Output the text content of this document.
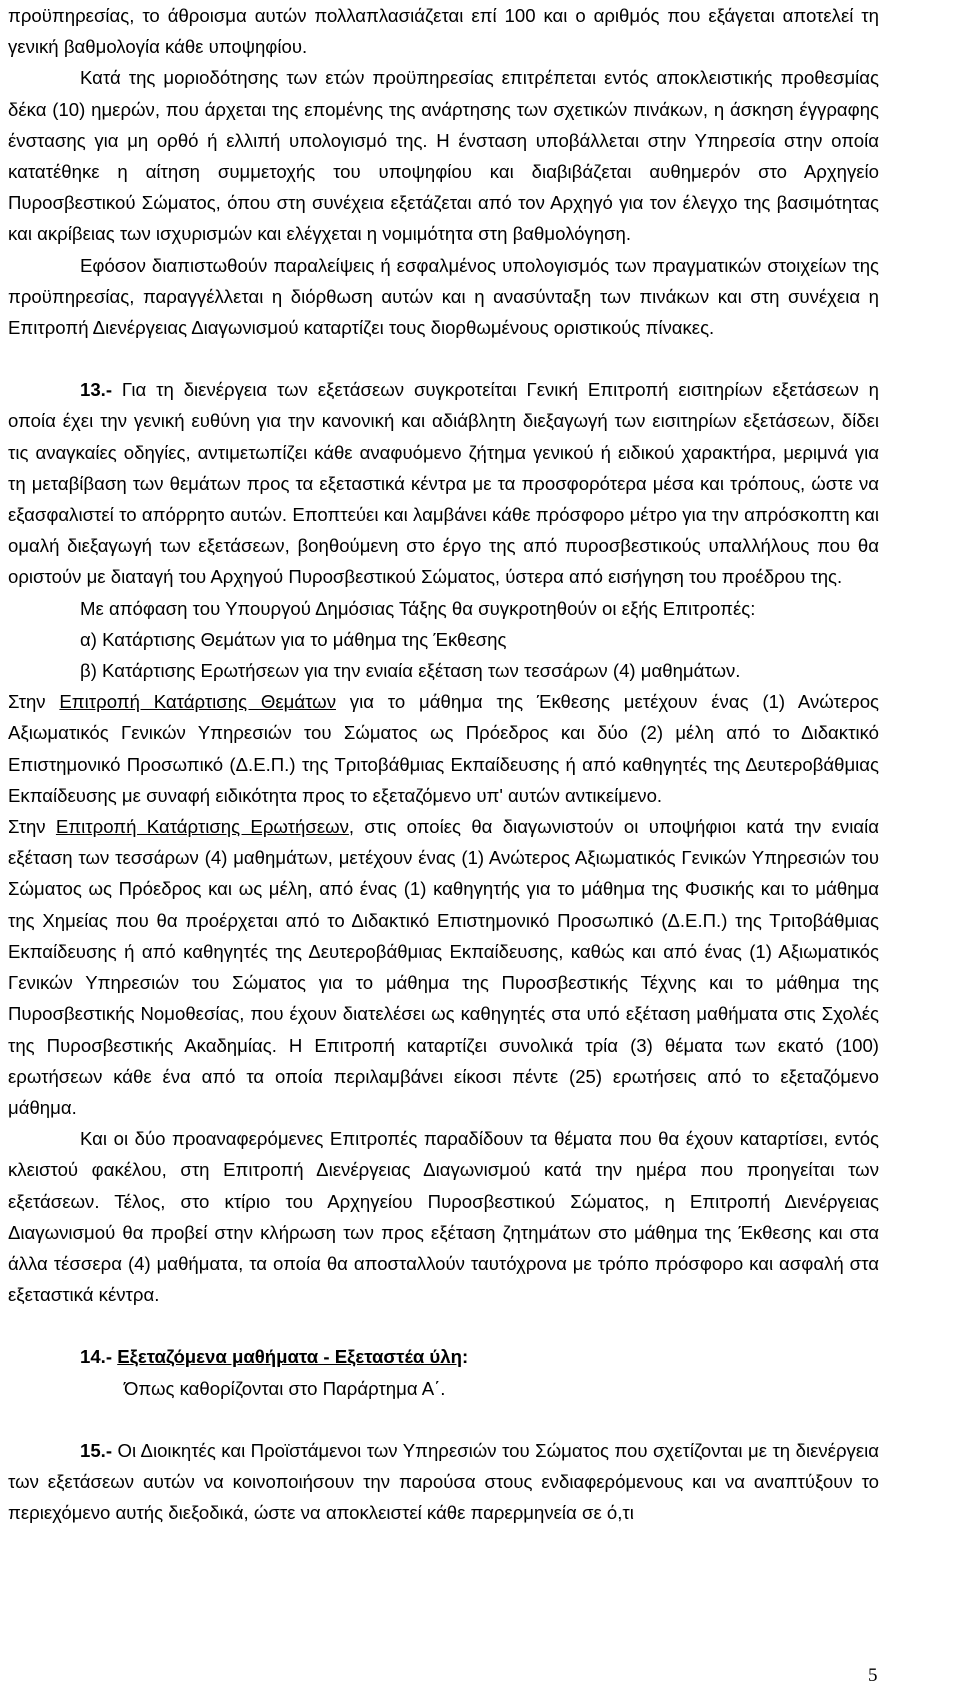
προϋπηρεσίας, το άθροισμα αυτών πολλαπλασιάζεται επί 100 και ο αριθμός που εξάγεται αποτελεί τη γενική βαθμολογία κάθε υποψηφίου.

Κατά της μοριοδότησης των ετών προϋπηρεσίας επιτρέπεται εντός αποκλειστικής προθεσμίας δέκα (10) ημερών, που άρχεται της επομένης της ανάρτησης των σχετικών πινάκων, η άσκηση έγγραφης ένστασης για μη ορθό ή ελλιπή υπολογισμό της. Η ένσταση υποβάλλεται στην Υπηρεσία στην οποία κατατέθηκε η αίτηση συμμετοχής του υποψηφίου και διαβιβάζεται αυθημερόν στο Αρχηγείο Πυροσβεστικού Σώματος, όπου στη συνέχεια εξετάζεται από τον Αρχηγό για τον έλεγχο της βασιμότητας και ακρίβειας των ισχυρισμών και ελέγχεται η νομιμότητα στη βαθμολόγηση.

Εφόσον διαπιστωθούν παραλείψεις ή εσφαλμένος υπολογισμός των πραγματικών στοιχείων της προϋπηρεσίας, παραγγέλλεται η διόρθωση αυτών και η ανασύνταξη των πινάκων και στη συνέχεια η Επιτροπή Διενέργειας Διαγωνισμού καταρτίζει τους διορθωμένους οριστικούς πίνακες.

13.- Για τη διενέργεια των εξετάσεων συγκροτείται Γενική Επιτροπή εισιτηρίων εξετάσεων η οποία έχει την γενική ευθύνη για την κανονική και αδιάβλητη διεξαγωγή των εισιτηρίων εξετάσεων, δίδει τις αναγκαίες οδηγίες, αντιμετωπίζει κάθε αναφυόμενο ζήτημα γενικού ή ειδικού χαρακτήρα, μεριμνά για τη μεταβίβαση των θεμάτων προς τα εξεταστικά κέντρα με τα προσφορότερα μέσα και τρόπους, ώστε να εξασφαλιστεί το απόρρητο αυτών. Εποπτεύει και λαμβάνει κάθε πρόσφορο μέτρο για την απρόσκοπτη και ομαλή διεξαγωγή των εξετάσεων, βοηθούμενη στο έργο της από πυροσβεστικούς υπαλλήλους που θα οριστούν με διαταγή του Αρχηγού Πυροσβεστικού Σώματος, ύστερα από εισήγηση του προέδρου της.

Με απόφαση του Υπουργού Δημόσιας Τάξης θα συγκροτηθούν οι εξής Επιτροπές:

α) Κατάρτισης Θεμάτων για το μάθημα της Έκθεσης

β) Κατάρτισης Ερωτήσεων για την ενιαία εξέταση των τεσσάρων (4) μαθημάτων.

Στην Επιτροπή Κατάρτισης Θεμάτων για το μάθημα της Έκθεσης μετέχουν ένας (1) Ανώτερος Αξιωματικός Γενικών Υπηρεσιών του Σώματος ως Πρόεδρος και δύο (2) μέλη από το Διδακτικό Επιστημονικό Προσωπικό (Δ.Ε.Π.) της Τριτοβάθμιας Εκπαίδευσης ή από καθηγητές της Δευτεροβάθμιας Εκπαίδευσης με συναφή ειδικότητα προς το εξεταζόμενο υπ' αυτών αντικείμενο.

Στην Επιτροπή Κατάρτισης Ερωτήσεων, στις οποίες θα διαγωνιστούν οι υποψήφιοι κατά την ενιαία εξέταση των τεσσάρων (4) μαθημάτων, μετέχουν ένας (1) Ανώτερος Αξιωματικός Γενικών Υπηρεσιών του Σώματος ως Πρόεδρος και ως μέλη, από ένας (1) καθηγητής για το μάθημα της Φυσικής και το μάθημα της Χημείας που θα προέρχεται από το Διδακτικό Επιστημονικό Προσωπικό (Δ.Ε.Π.) της Τριτοβάθμιας Εκπαίδευσης ή από καθηγητές της Δευτεροβάθμιας Εκπαίδευσης, καθώς και από ένας (1) Αξιωματικός Γενικών Υπηρεσιών του Σώματος για το μάθημα της Πυροσβεστικής Τέχνης και το μάθημα της Πυροσβεστικής Νομοθεσίας, που έχουν διατελέσει ως καθηγητές στα υπό εξέταση μαθήματα στις Σχολές της Πυροσβεστικής Ακαδημίας. Η Επιτροπή καταρτίζει συνολικά τρία (3) θέματα των εκατό (100) ερωτήσεων κάθε ένα από τα οποία περιλαμβάνει είκοσι πέντε (25) ερωτήσεις από το εξεταζόμενο μάθημα.

Και οι δύο προαναφερόμενες Επιτροπές παραδίδουν τα θέματα που θα έχουν καταρτίσει, εντός κλειστού φακέλου, στη Επιτροπή Διενέργειας Διαγωνισμού κατά την ημέρα που προηγείται των εξετάσεων. Τέλος, στο κτίριο του Αρχηγείου Πυροσβεστικού Σώματος, η Επιτροπή Διενέργειας Διαγωνισμού θα προβεί στην κλήρωση των προς εξέταση ζητημάτων στο μάθημα της Έκθεσης και στα άλλα τέσσερα (4) μαθήματα, τα οποία θα αποσταλλούν ταυτόχρονα με τρόπο πρόσφορο και ασφαλή στα εξεταστικά κέντρα.

14.- Εξεταζόμενα μαθήματα - Εξεταστέα ύλη:

Όπως καθορίζονται στο Παράρτημα Α΄.

15.- Οι Διοικητές και Προϊστάμενοι των Υπηρεσιών του Σώματος που σχετίζονται με τη διενέργεια των εξετάσεων αυτών να κοινοποιήσουν την παρούσα στους ενδιαφερόμενους και να αναπτύξουν το περιεχόμενο αυτής διεξοδικά, ώστε να αποκλειστεί κάθε παρερμηνεία σε ό,τι

5
